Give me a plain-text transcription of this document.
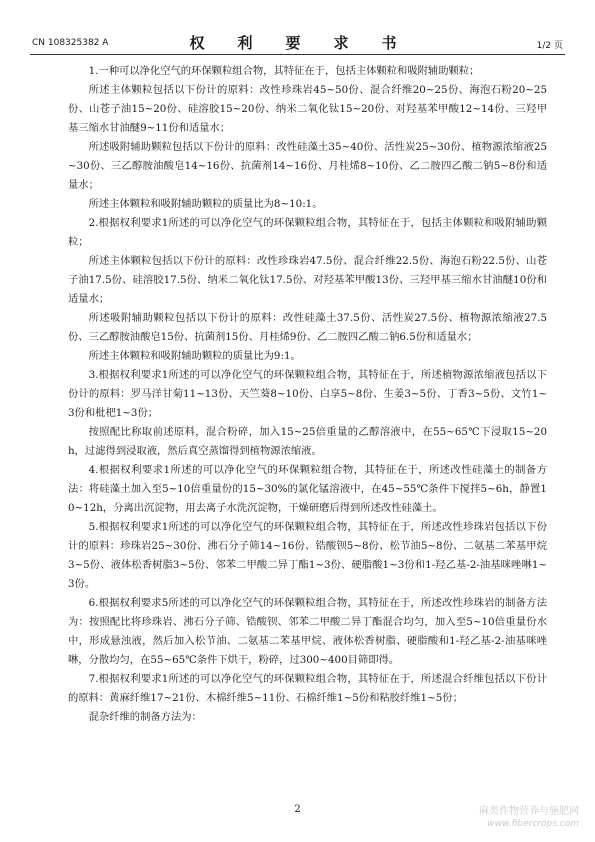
CN 108325382 A	权　利　要　求　书	1/2 页

1.一种可以净化空气的环保颗粒组合物，其特征在于，包括主体颗粒和吸附辅助颗粒；

所述主体颗粒包括以下份计的原料：改性珍珠岩45~50份、混合纤维20~25份、海泡石粉20~25份、山苍子油15~20份、硅溶胶15~20份、纳米二氧化钛15~20份、对羟基苯甲酸12~14份、三羟甲基三缩水甘油醚9~11份和适量水；

所述吸附辅助颗粒包括以下份计的原料：改性硅藻土35~40份、活性炭25~30份、植物源浓缩液25~30份、三乙醇胺油酸皂14~16份、抗菌剂14~16份、月桂烯8~10份、乙二胺四乙酸二钠5~8份和适量水；

所述主体颗粒和吸附辅助颗粒的质量比为8~10:1。

2.根据权利要求1所述的可以净化空气的环保颗粒组合物，其特征在于，包括主体颗粒和吸附辅助颗粒；

所述主体颗粒包括以下份计的原料：改性珍珠岩47.5份、混合纤维22.5份、海泡石粉22.5份、山苍子油17.5份、硅溶胶17.5份、纳米二氧化钛17.5份、对羟基苯甲酸13份、三羟甲基三缩水甘油醚10份和适量水；

所述吸附辅助颗粒包括以下份计的原料：改性硅藻土37.5份、活性炭27.5份、植物源浓缩液27.5份、三乙醇胺油酸皂15份、抗菌剂15份、月桂烯9份、乙二胺四乙酸二钠6.5份和适量水；

所述主体颗粒和吸附辅助颗粒的质量比为9:1。

3.根据权利要求1所述的可以净化空气的环保颗粒组合物，其特征在于，所述植物源浓缩液包括以下份计的原料：罗马洋甘菊11~13份、天竺葵8~10份、白享5~8份、生姜3~5份、丁香3~5份、文竹1~3份和枇杷1~3份；

按照配比称取前述原料，混合粉碎，加入15~25倍重量的乙醇溶液中，在55~65℃下浸取15~20h，过滤得到浸取液，然后真空蒸馏得到植物源浓缩液。

4.根据权利要求1所述的可以净化空气的环保颗粒组合物，其特征在于，所述改性硅藻土的制备方法：将硅藻土加入至5~10倍重量份的15~30%的氯化锰溶液中，在45~55℃条件下搅拌5~6h，静置10~12h，分离出沉淀物，用去离子水洗沉淀物，干燥研磨后得到所述改性硅藻土。

5.根据权利要求1所述的可以净化空气的环保颗粒组合物，其特征在于，所述改性珍珠岩包括以下份计的原料：珍珠岩25~30份、沸石分子筛14~16份、锆酸钡5~8份、松节油5~8份、二氨基二苯基甲烷3~5份、液体松香树脂3~5份、邻苯二甲酸二异丁酯1~3份、硬脂酸1~3份和1-羟乙基-2-油基咪唑啉1~3份。

6.根据权利要求5所述的可以净化空气的环保颗粒组合物，其特征在于，所述改性珍珠岩的制备方法为：按照配比将珍珠岩、沸石分子筛、锆酸钡、邻苯二甲酸二异丁酯混合均匀，加入至5~10倍重量份水中，形成悬浊液，然后加入松节油、二氨基二苯基甲烷、液体松香树脂、硬脂酸和1-羟乙基-2-油基咪唑啉，分散均匀，在55~65℃条件下烘干，粉碎，过300~400目筛即得。

7.根据权利要求1所述的可以净化空气的环保颗粒组合物，其特征在于，所述混合纤维包括以下份计的原料：黄麻纤维17~21份、木棉纤维5~11份、石棉纤维1~5份和粘胶纤维1~5份；

混杂纤维的制备方法为：

2	麻类作物营养与施肥网
www.fibercrops.com
